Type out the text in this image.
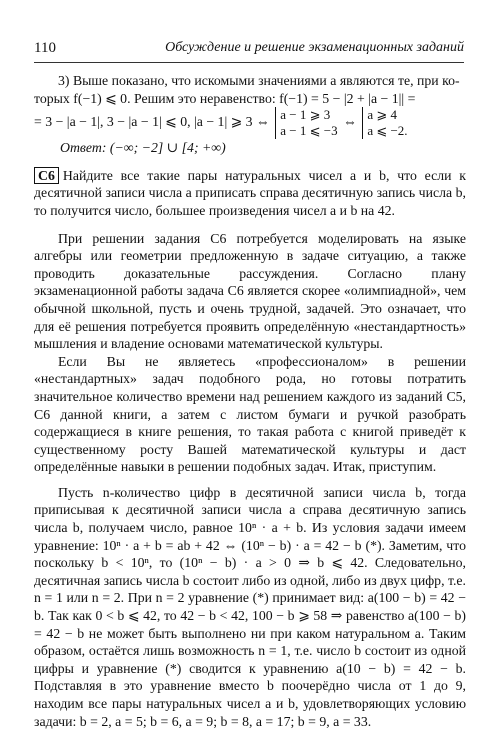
110	Обсуждение и решение экзаменационных заданий

3) Выше показано, что искомыми значениями a являются те, при ко-

торых f(−1) ⩽ 0. Решим это неравенство: f(−1) = 5 − |2 + |a − 1|| =

= 3 − |a − 1|, 3 − |a − 1| ⩽ 0, |a − 1| ⩾ 3 ⇔ a − 1 ⩾ 3
a − 1 ⩽ −3 ⇔ a ⩾ 4
a ⩽ −2.

Ответ: (−∞; −2] ∪ [4; +∞)

C6 Найдите все такие пары натуральных чисел a и b, что если к десятичной записи числа a приписать справа десятичную запись числа b, то получится число, большее произведения чисел a и b на 42.

При решении задания C6 потребуется моделировать на языке алгебры или геометрии предложенную в задаче ситуацию, а также проводить доказательные рассуждения. Согласно плану экзаменационной работы задача C6 является скорее «олимпиадной», чем обычной школьной, пусть и очень трудной, задачей. Это означает, что для её решения потребуется проявить определённую «нестандартность» мышления и владение основами математической культуры.

Если Вы не являетесь «профессионалом» в решении «нестандартных» задач подобного рода, но готовы потратить значительное количество времени над решением каждого из заданий C5, C6 данной книги, а затем с листом бумаги и ручкой разобрать содержащиеся в книге решения, то такая работа с книгой приведёт к существенному росту Вашей математической культуры и даст определённые навыки в решении подобных задач. Итак, приступим.

Пусть n-количество цифр в десятичной записи числа b, тогда приписывая к десятичной записи числа a справа десятичную запись числа b, получаем число, равное 10ⁿ · a + b. Из условия задачи имеем уравнение: 10ⁿ · a + b = ab + 42 ⇔ (10ⁿ − b) · a = 42 − b (*). Заметим, что поскольку b < 10ⁿ, то (10ⁿ − b) · a > 0 ⇒ b ⩽ 42. Следовательно, десятичная запись числа b состоит либо из одной, либо из двух цифр, т.е. n = 1 или n = 2. При n = 2 уравнение (*) принимает вид: a(100 − b) = 42 − b. Так как 0 < b ⩽ 42, то 42 − b < 42, 100 − b ⩾ 58 ⇒ равенство a(100 − b) = 42 − b не может быть выполнено ни при каком натуральном a. Таким образом, остаётся лишь возможность n = 1, т.е. число b состоит из одной цифры и уравнение (*) сводится к уравнению a(10 − b) = 42 − b. Подставляя в это уравнение вместо b поочерёдно числа от 1 до 9, находим все пары натуральных чисел a и b, удовлетворяющих условию задачи: b = 2, a = 5; b = 6, a = 9; b = 8, a = 17; b = 9, a = 33.
